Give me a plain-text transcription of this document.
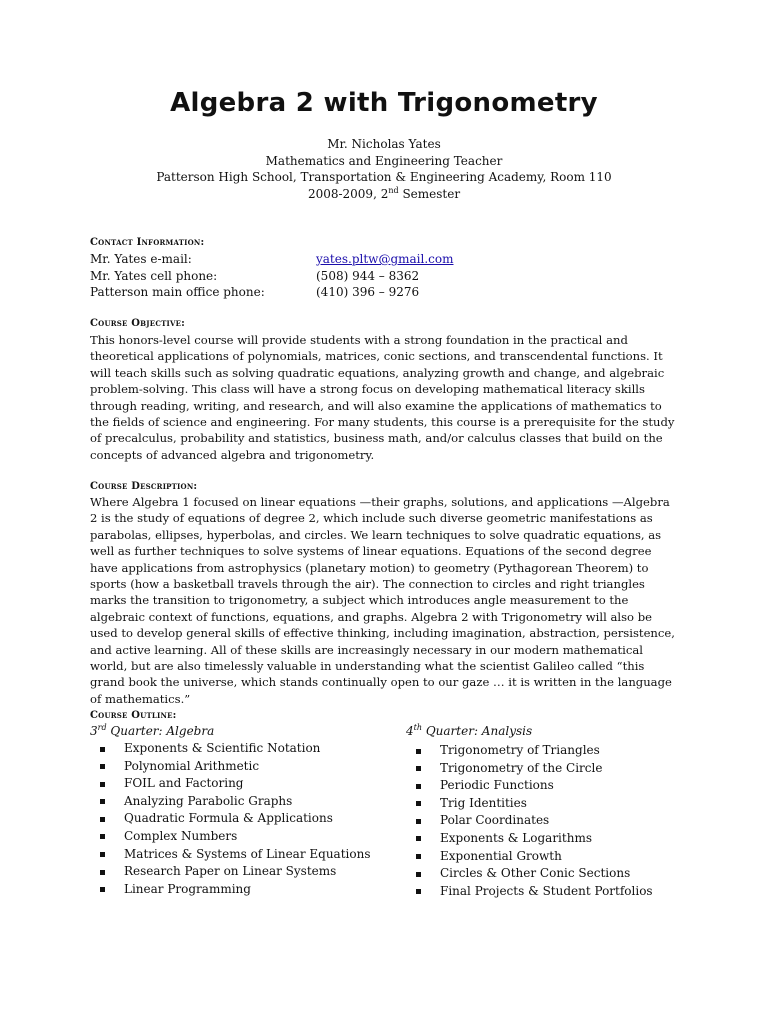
Algebra 2 with Trigonometry
Mr. Nicholas Yates
Mathematics and Engineering Teacher
Patterson High School, Transportation & Engineering Academy, Room 110
2008-2009, 2nd Semester
Contact Information:
Mr. Yates e-mail:	yates.pltw@gmail.com
Mr. Yates cell phone:	(508) 944 – 8362
Patterson main office phone:	(410) 396 – 9276
Course Objective:

This honors-level course will provide students with a strong foundation in the practical and theoretical applications of polynomials, matrices, conic sections, and transcendental functions. It will teach skills such as solving quadratic equations, analyzing growth and change, and algebraic problem-solving. This class will have a strong focus on developing mathematical literacy skills through reading, writing, and research, and will also examine the applications of mathematics to the fields of science and engineering. For many students, this course is a prerequisite for the study of precalculus, probability and statistics, business math, and/or calculus classes that build on the concepts of advanced algebra and trigonometry.

Course Description:

Where Algebra 1 focused on linear equations —their graphs, solutions, and applications —Algebra 2 is the study of equations of degree 2, which include such diverse geometric manifestations as parabolas, ellipses, hyperbolas, and circles. We learn techniques to solve quadratic equations, as well as further techniques to solve systems of linear equations. Equations of the second degree have applications from astrophysics (planetary motion) to geometry (Pythagorean Theorem) to sports (how a basketball travels through the air). The connection to circles and right triangles marks the transition to trigonometry, a subject which introduces angle measurement to the algebraic context of functions, equations, and graphs. Algebra 2 with Trigonometry will also be used to develop general skills of effective thinking, including imagination, abstraction, persistence, and active learning. All of these skills are increasingly necessary in our modern mathematical world, but are also timelessly valuable in understanding what the scientist Galileo called “this grand book the universe, which stands continually open to our gaze … it is written in the language of mathematics.”

Course Outline:
3rd Quarter: Algebra
Exponents & Scientific Notation
Polynomial Arithmetic
FOIL and Factoring
Analyzing Parabolic Graphs
Quadratic Formula & Applications
Complex Numbers
Matrices & Systems of Linear Equations
Research Paper on Linear Systems
Linear Programming
4th Quarter: Analysis
Trigonometry of Triangles
Trigonometry of the Circle
Periodic Functions
Trig Identities
Polar Coordinates
Exponents & Logarithms
Exponential Growth
Circles & Other Conic Sections
Final Projects & Student Portfolios
